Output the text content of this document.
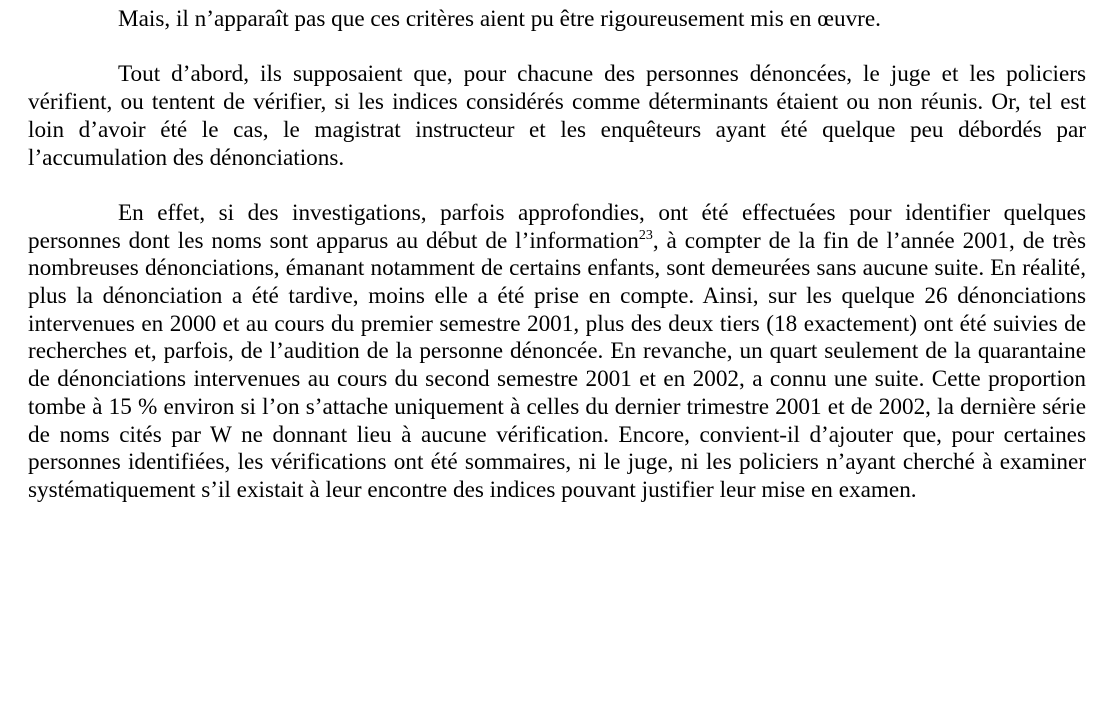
Mais, il n’apparaît pas que ces critères aient pu être rigoureusement mis en œuvre.

Tout d’abord, ils supposaient que, pour chacune des personnes dénoncées, le juge et les policiers vérifient, ou tentent de vérifier, si les indices considérés comme déterminants étaient ou non réunis. Or, tel est loin d’avoir été le cas, le magistrat instructeur et les enquêteurs ayant été quelque peu débordés par l’accumulation des dénonciations.

En effet, si des investigations, parfois approfondies, ont été effectuées pour identifier quelques personnes dont les noms sont apparus au début de l’information$^{23}$, à compter de la fin de l’année 2001, de très nombreuses dénonciations, émanant notamment de certains enfants, sont demeurées sans aucune suite. En réalité, plus la dénonciation a été tardive, moins elle a été prise en compte. Ainsi, sur les quelque 26 dénonciations intervenues en 2000 et au cours du premier semestre 2001, plus des deux tiers (18 exactement) ont été suivies de recherches et, parfois, de l’audition de la personne dénoncée. En revanche, un quart seulement de la quarantaine de dénonciations intervenues au cours du second semestre 2001 et en 2002, a connu une suite. Cette proportion tombe à 15 % environ si l’on s’attache uniquement à celles du dernier trimestre 2001 et de 2002, la dernière série de noms cités par W ne donnant lieu à aucune vérification. Encore, convient-il d’ajouter que, pour certaines personnes identifiées, les vérifications ont été sommaires, ni le juge, ni les policiers n’ayant cherché à examiner systématiquement s’il existait à leur encontre des indices pouvant justifier leur mise en examen.
